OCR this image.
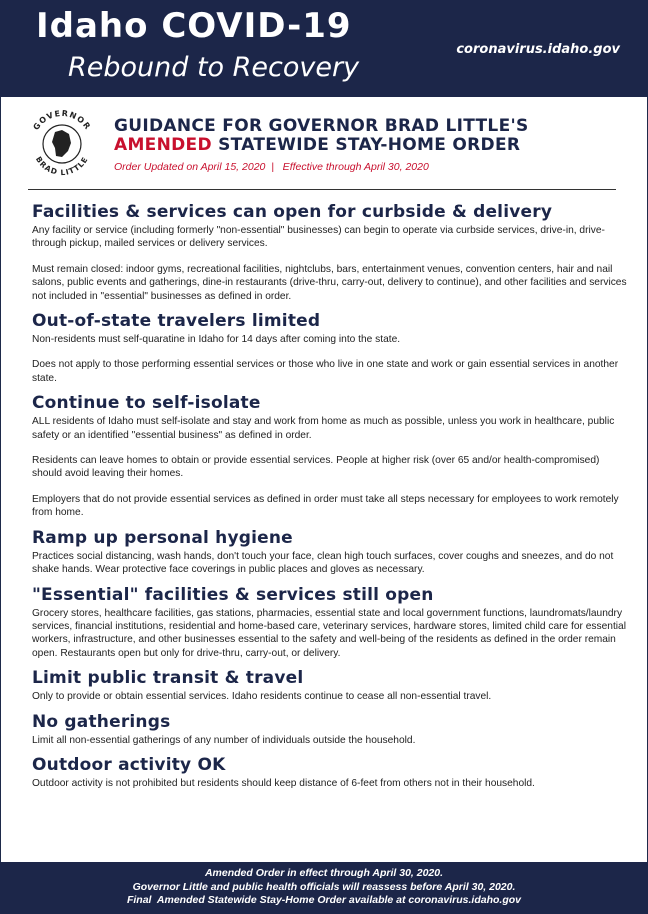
Idaho COVID-19
Rebound to Recovery
coronavirus.idaho.gov
GOVERNOR
BRAD LITTLE
GUIDANCE FOR GOVERNOR BRAD LITTLE'S
AMENDED STATEWIDE STAY-HOME ORDER
Order Updated on April 15, 2020  |   Effective through April 30, 2020
Facilities & services can open for curbside & delivery

Any facility or service (including formerly "non-essential" businesses) can begin to operate via curbside services, drive-in, drive-through pickup, mailed services or delivery services.

Must remain closed: indoor gyms, recreational facilities, nightclubs, bars, entertainment venues, convention centers, hair and nail salons, public events and gatherings, dine-in restaurants (drive-thru, carry-out, delivery to continue), and other facilities and services not included in "essential" businesses as defined in order.

Out-of-state travelers limited

Non-residents must self-quaratine in Idaho for 14 days after coming into the state.

Does not apply to those performing essential services or those who live in one state and work or gain essential services in another state.

Continue to self-isolate

ALL residents of Idaho must self-isolate and stay and work from home as much as possible, unless you work in healthcare, public safety or an identified "essential business" as defined in order.

Residents can leave homes to obtain or provide essential services. People at higher risk (over 65 and/or health-compromised) should avoid leaving their homes.

Employers that do not provide essential services as defined in order must take all steps necessary for employees to work remotely from home.

Ramp up personal hygiene

Practices social distancing, wash hands, don't touch your face, clean high touch surfaces, cover coughs and sneezes, and do not shake hands. Wear protective face coverings in public places and gloves as necessary.

"Essential" facilities & services still open

Grocery stores, healthcare facilities, gas stations, pharmacies, essential state and local government functions, laundromats/laundry services, financial institutions, residential and home-based care, veterinary services, hardware stores, limited child care for essential workers, infrastructure, and other businesses essential to the safety and well-being of the residents as defined in the order remain open. Restaurants open but only for drive-thru, carry-out, or delivery.

Limit public transit & travel

Only to provide or obtain essential services. Idaho residents continue to cease all non-essential travel.

No gatherings

Limit all non-essential gatherings of any number of individuals outside the household.

Outdoor activity OK

Outdoor activity is not prohibited but residents should keep distance of 6-feet from others not in their household.

Amended Order in effect through April 30, 2020.
Governor Little and public health officials will reassess before April 30, 2020.
Final  Amended Statewide Stay-Home Order available at coronavirus.idaho.gov
